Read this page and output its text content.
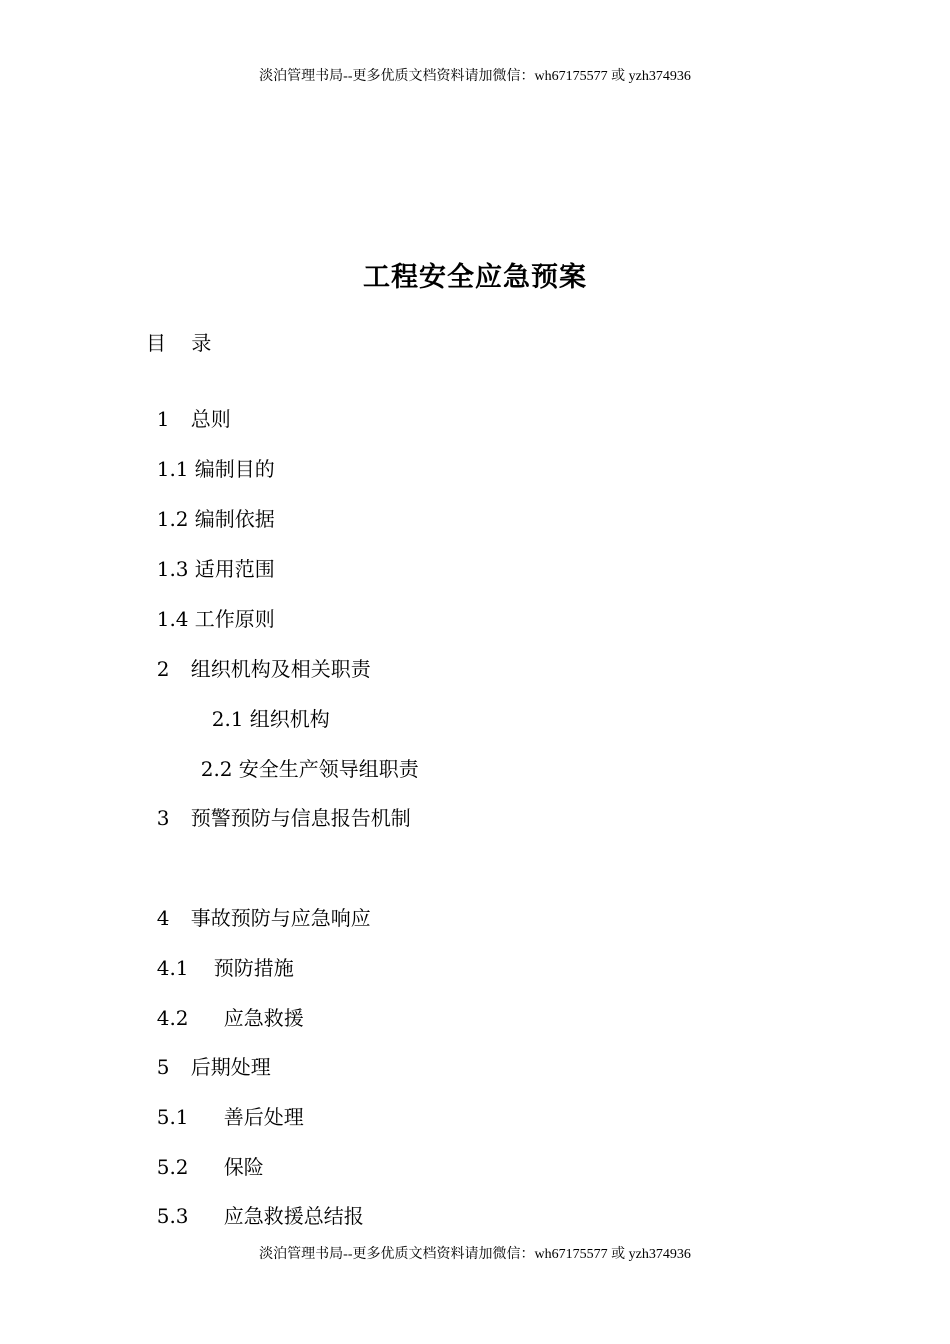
淡泊管理书局--更多优质文档资料请加微信：wh67175577 或 yzh374936
工程安全应急预案
目    录

1 总则

1.1 编制目的

1.2 编制依据

1.3 适用范围

1.4 工作原则

2 组织机构及相关职责

2.1 组织机构

2.2 安全生产领导组职责

3 预警预防与信息报告机制

4 事故预防与应急响应

4.1 预防措施

4.2 应急救援

5 后期处理

5.1 善后处理

5.2 保险

5.3 应急救援总结报

淡泊管理书局--更多优质文档资料请加微信：wh67175577 或 yzh374936
